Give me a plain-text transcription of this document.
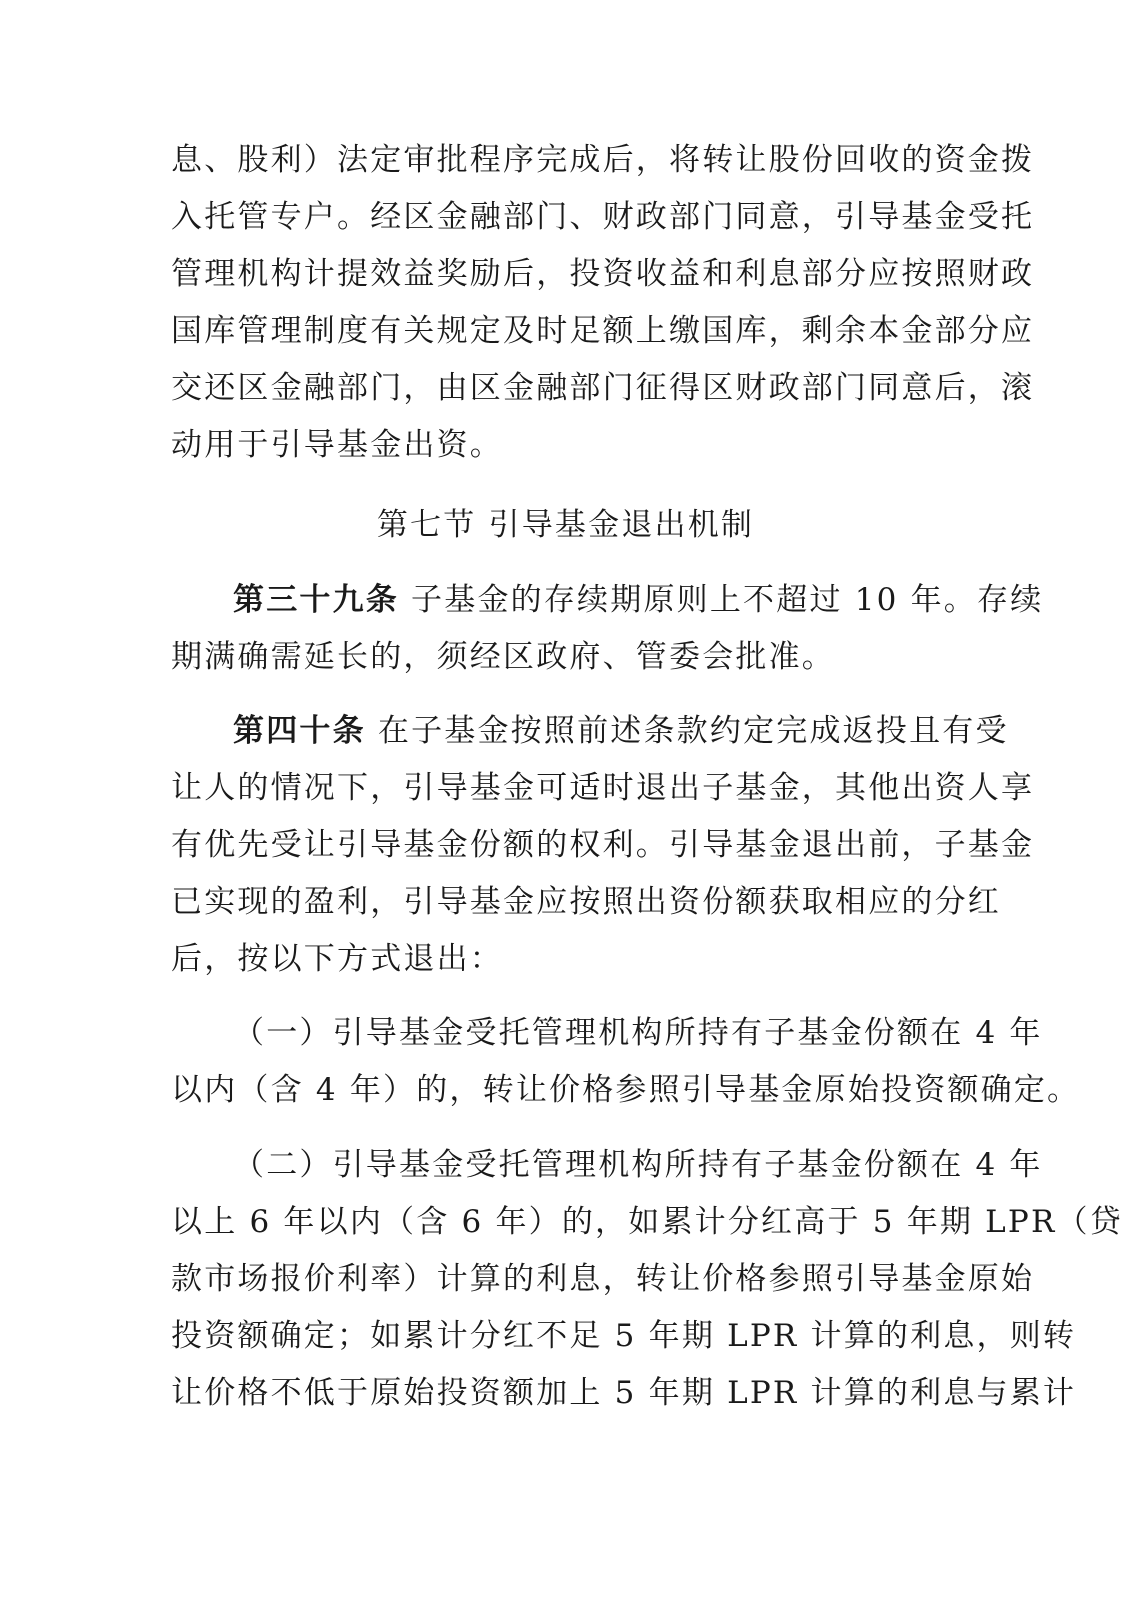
息、股利）法定审批程序完成后，将转让股份回收的资金拨
入托管专户。经区金融部门、财政部门同意，引导基金受托
管理机构计提效益奖励后，投资收益和利息部分应按照财政
国库管理制度有关规定及时足额上缴国库，剩余本金部分应
交还区金融部门，由区金融部门征得区财政部门同意后，滚
动用于引导基金出资。
第七节 引导基金退出机制
第三十九条 子基金的存续期原则上不超过 10 年。存续
期满确需延长的，须经区政府、管委会批准。
第四十条 在子基金按照前述条款约定完成返投且有受
让人的情况下，引导基金可适时退出子基金，其他出资人享
有优先受让引导基金份额的权利。引导基金退出前，子基金
已实现的盈利，引导基金应按照出资份额获取相应的分红
后，按以下方式退出：
（一）引导基金受托管理机构所持有子基金份额在 4 年
以内（含 4 年）的，转让价格参照引导基金原始投资额确定。
（二）引导基金受托管理机构所持有子基金份额在 4 年
以上 6 年以内（含 6 年）的，如累计分红高于 5 年期 LPR（贷
款市场报价利率）计算的利息，转让价格参照引导基金原始
投资额确定；如累计分红不足 5 年期 LPR 计算的利息，则转
让价格不低于原始投资额加上 5 年期 LPR 计算的利息与累计
